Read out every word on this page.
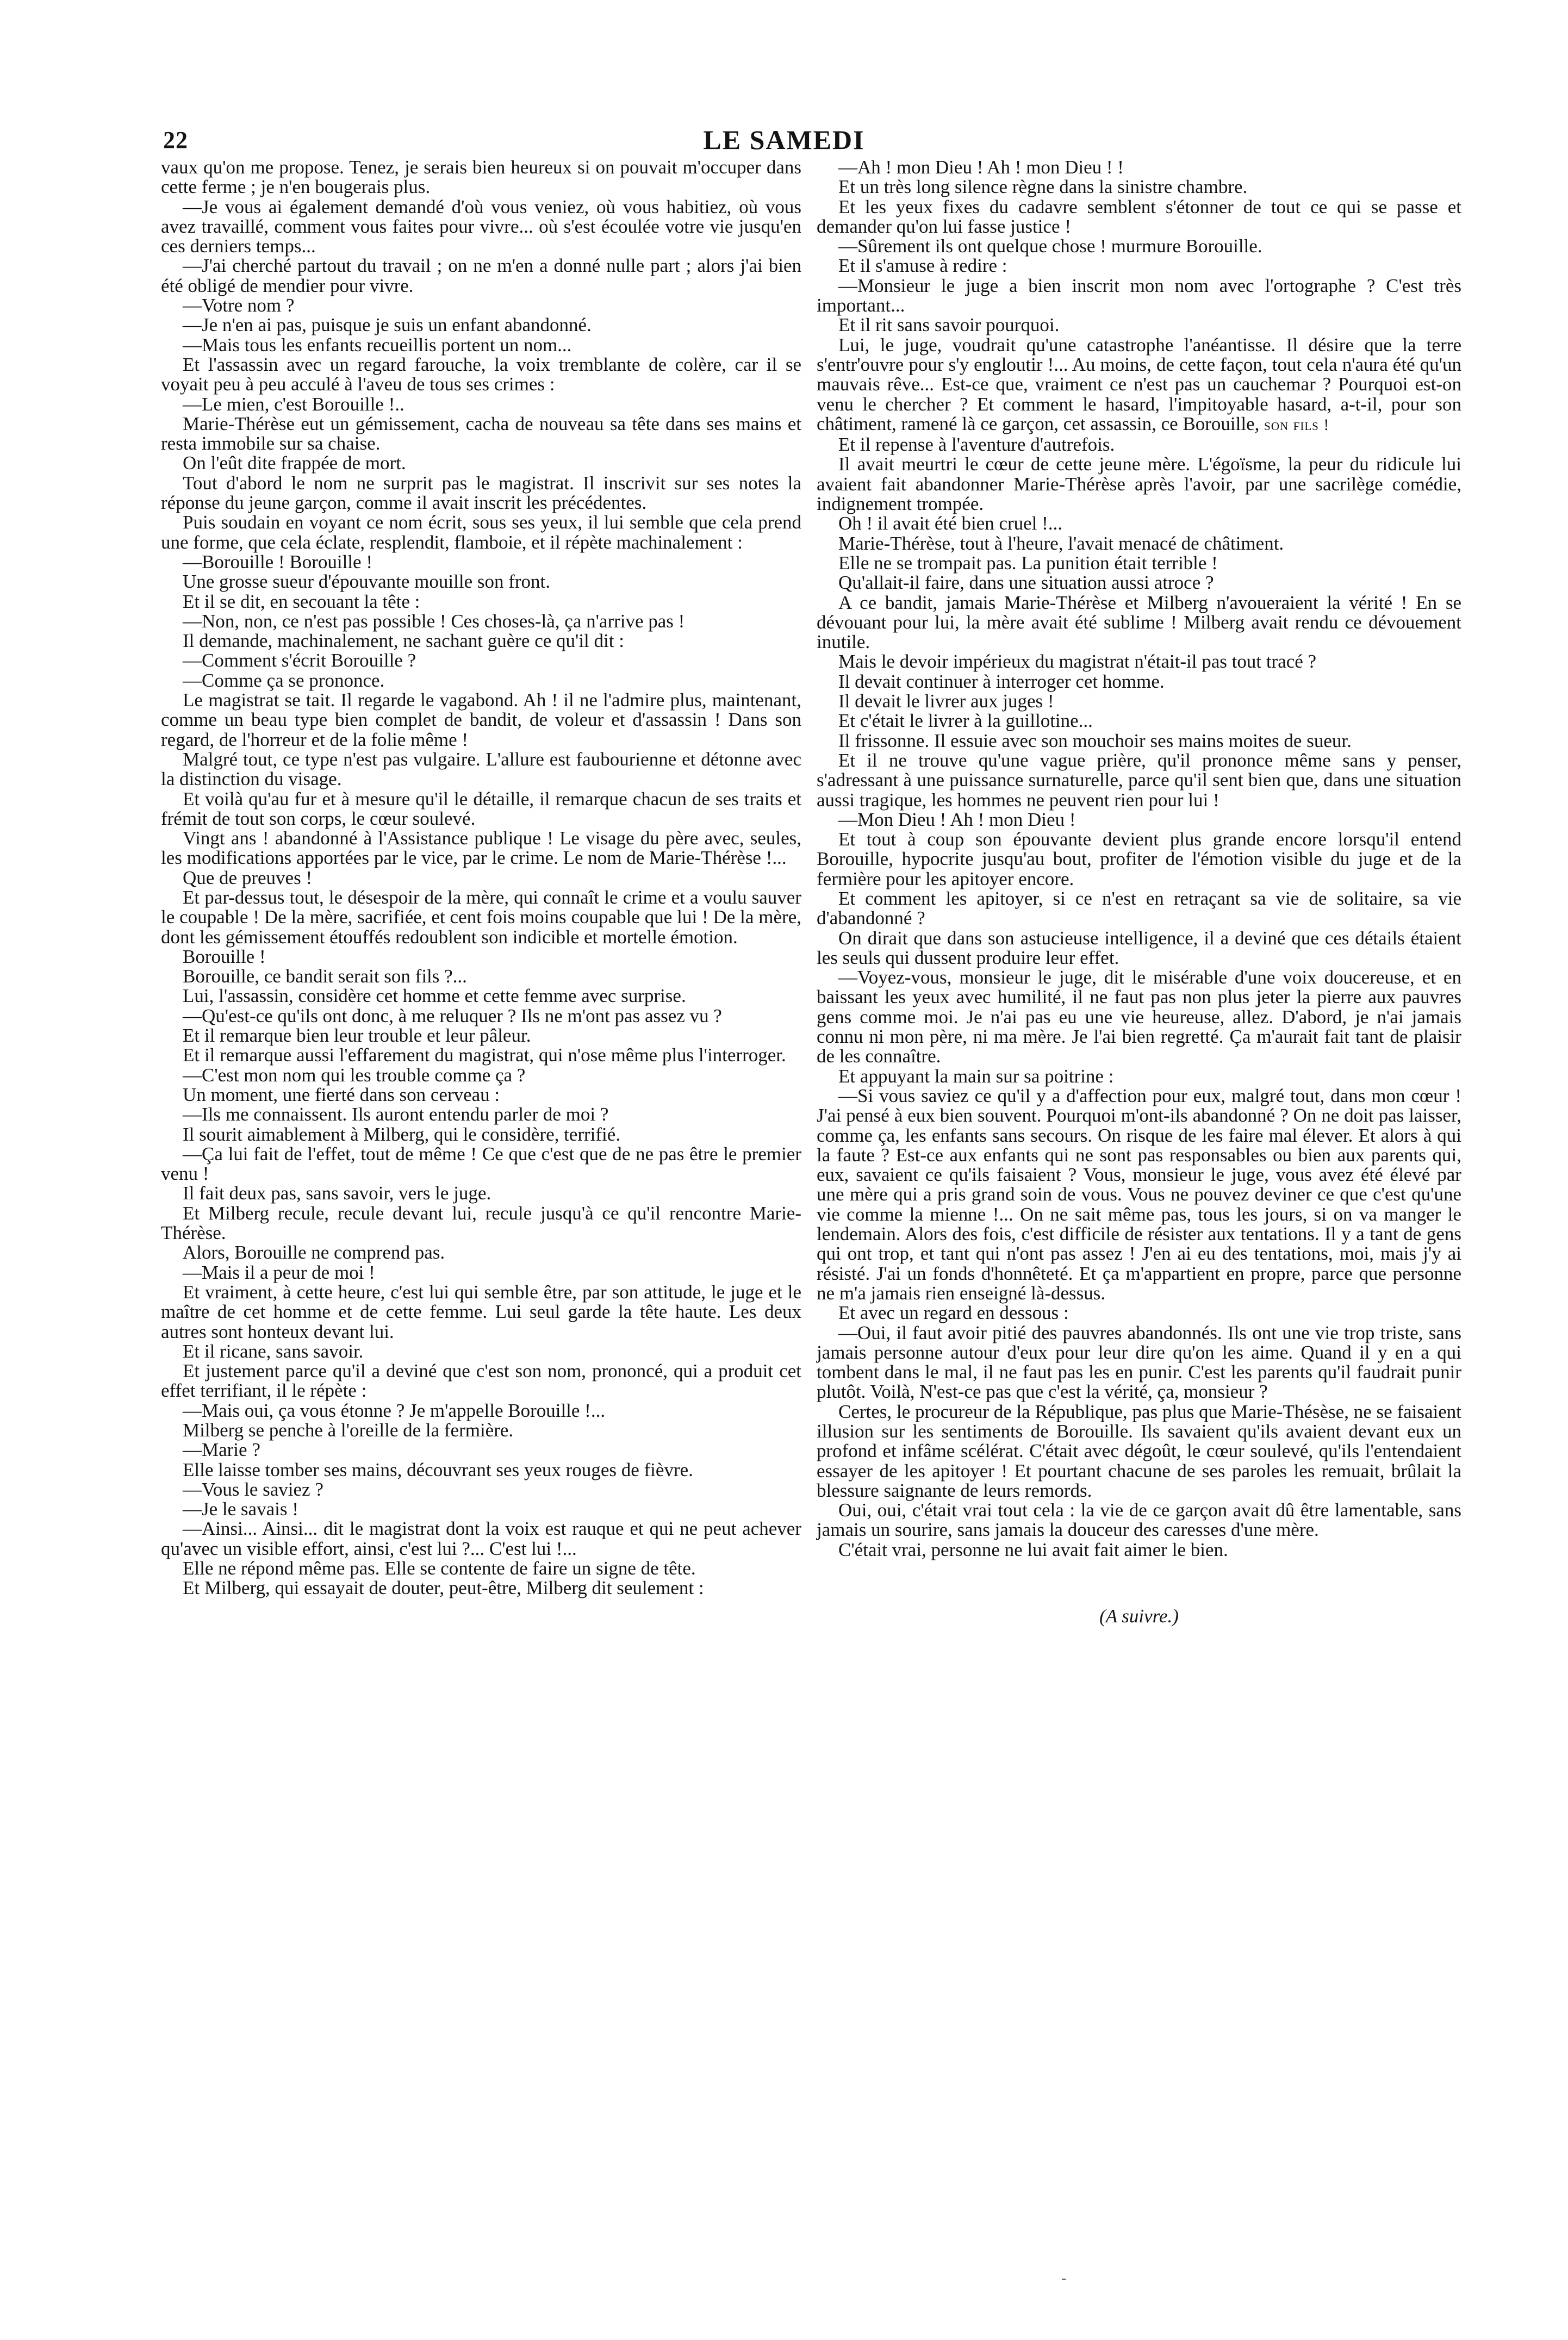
22	LE SAMEDI

vaux qu'on me propose. Tenez, je serais bien heureux si on pouvait m'occuper dans cette ferme ; je n'en bougerais plus.

—Je vous ai également demandé d'où vous veniez, où vous habitiez, où vous avez travaillé, comment vous faites pour vivre... où s'est écoulée votre vie jusqu'en ces derniers temps...

—J'ai cherché partout du travail ; on ne m'en a donné nulle part ; alors j'ai bien été obligé de mendier pour vivre.

—Votre nom ?

—Je n'en ai pas, puisque je suis un enfant abandonné.

—Mais tous les enfants recueillis portent un nom...

Et l'assassin avec un regard farouche, la voix tremblante de colère, car il se voyait peu à peu acculé à l'aveu de tous ses crimes :

—Le mien, c'est Borouille !..

Marie-Thérèse eut un gémissement, cacha de nouveau sa tête dans ses mains et resta immobile sur sa chaise.

On l'eût dite frappée de mort.

Tout d'abord le nom ne surprit pas le magistrat. Il inscrivit sur ses notes la réponse du jeune garçon, comme il avait inscrit les précédentes.

Puis soudain en voyant ce nom écrit, sous ses yeux, il lui semble que cela prend une forme, que cela éclate, resplendit, flamboie, et il répète machinalement :

—Borouille ! Borouille !

Une grosse sueur d'épouvante mouille son front.

Et il se dit, en secouant la tête :

—Non, non, ce n'est pas possible ! Ces choses-là, ça n'arrive pas !

Il demande, machinalement, ne sachant guère ce qu'il dit :

—Comment s'écrit Borouille ?

—Comme ça se prononce.

Le magistrat se tait. Il regarde le vagabond. Ah ! il ne l'admire plus, maintenant, comme un beau type bien complet de bandit, de voleur et d'assassin ! Dans son regard, de l'horreur et de la folie même !

Malgré tout, ce type n'est pas vulgaire. L'allure est faubourienne et détonne avec la distinction du visage.

Et voilà qu'au fur et à mesure qu'il le détaille, il remarque chacun de ses traits et frémit de tout son corps, le cœur soulevé.

Vingt ans ! abandonné à l'Assistance publique ! Le visage du père avec, seules, les modifications apportées par le vice, par le crime. Le nom de Marie-Thérèse !...

Que de preuves !

Et par-dessus tout, le désespoir de la mère, qui connaît le crime et a voulu sauver le coupable ! De la mère, sacrifiée, et cent fois moins coupable que lui ! De la mère, dont les gémissement étouffés redoublent son indicible et mortelle émotion.

Borouille !

Borouille, ce bandit serait son fils ?...

Lui, l'assassin, considère cet homme et cette femme avec surprise.

—Qu'est-ce qu'ils ont donc, à me reluquer ? Ils ne m'ont pas assez vu ?

Et il remarque bien leur trouble et leur pâleur.

Et il remarque aussi l'effarement du magistrat, qui n'ose même plus l'interroger.

—C'est mon nom qui les trouble comme ça ?

Un moment, une fierté dans son cerveau :

—Ils me connaissent. Ils auront entendu parler de moi ?

Il sourit aimablement à Milberg, qui le considère, terrifié.

—Ça lui fait de l'effet, tout de même ! Ce que c'est que de ne pas être le premier venu !

Il fait deux pas, sans savoir, vers le juge.

Et Milberg recule, recule devant lui, recule jusqu'à ce qu'il rencontre Marie-Thérèse.

Alors, Borouille ne comprend pas.

—Mais il a peur de moi !

Et vraiment, à cette heure, c'est lui qui semble être, par son attitude, le juge et le maître de cet homme et de cette femme. Lui seul garde la tête haute. Les deux autres sont honteux devant lui.

Et il ricane, sans savoir.

Et justement parce qu'il a deviné que c'est son nom, prononcé, qui a produit cet effet terrifiant, il le répète :

—Mais oui, ça vous étonne ? Je m'appelle Borouille !...

Milberg se penche à l'oreille de la fermière.

—Marie ?

Elle laisse tomber ses mains, découvrant ses yeux rouges de fièvre.

—Vous le saviez ?

—Je le savais !

—Ainsi... Ainsi... dit le magistrat dont la voix est rauque et qui ne peut achever qu'avec un visible effort, ainsi, c'est lui ?... C'est lui !...

Elle ne répond même pas. Elle se contente de faire un signe de tête.

Et Milberg, qui essayait de douter, peut-être, Milberg dit seulement :

—Ah ! mon Dieu ! Ah ! mon Dieu ! !

Et un très long silence règne dans la sinistre chambre.

Et les yeux fixes du cadavre semblent s'étonner de tout ce qui se passe et demander qu'on lui fasse justice !

—Sûrement ils ont quelque chose ! murmure Borouille.

Et il s'amuse à redire :

—Monsieur le juge a bien inscrit mon nom avec l'ortographe ? C'est très important...

Et il rit sans savoir pourquoi.

Lui, le juge, voudrait qu'une catastrophe l'anéantisse. Il désire que la terre s'entr'ouvre pour s'y engloutir !... Au moins, de cette façon, tout cela n'aura été qu'un mauvais rêve... Est-ce que, vraiment ce n'est pas un cauchemar ? Pourquoi est-on venu le chercher ? Et comment le hasard, l'impitoyable hasard, a-t-il, pour son châtiment, ramené là ce garçon, cet assassin, ce Borouille, son fils !

Et il repense à l'aventure d'autrefois.

Il avait meurtri le cœur de cette jeune mère. L'égoïsme, la peur du ridicule lui avaient fait abandonner Marie-Thérèse après l'avoir, par une sacrilège comédie, indignement trompée.

Oh ! il avait été bien cruel !...

Marie-Thérèse, tout à l'heure, l'avait menacé de châtiment.

Elle ne se trompait pas. La punition était terrible !

Qu'allait-il faire, dans une situation aussi atroce ?

A ce bandit, jamais Marie-Thérèse et Milberg n'avoueraient la vérité ! En se dévouant pour lui, la mère avait été sublime ! Milberg avait rendu ce dévouement inutile.

Mais le devoir impérieux du magistrat n'était-il pas tout tracé ?

Il devait continuer à interroger cet homme.

Il devait le livrer aux juges !

Et c'était le livrer à la guillotine...

Il frissonne. Il essuie avec son mouchoir ses mains moites de sueur.

Et il ne trouve qu'une vague prière, qu'il prononce même sans y penser, s'adressant à une puissance surnaturelle, parce qu'il sent bien que, dans une situation aussi tragique, les hommes ne peuvent rien pour lui !

—Mon Dieu ! Ah ! mon Dieu !

Et tout à coup son épouvante devient plus grande encore lorsqu'il entend Borouille, hypocrite jusqu'au bout, profiter de l'émotion visible du juge et de la fermière pour les apitoyer encore.

Et comment les apitoyer, si ce n'est en retraçant sa vie de solitaire, sa vie d'abandonné ?

On dirait que dans son astucieuse intelligence, il a deviné que ces détails étaient les seuls qui dussent produire leur effet.

—Voyez-vous, monsieur le juge, dit le misérable d'une voix doucereuse, et en baissant les yeux avec humilité, il ne faut pas non plus jeter la pierre aux pauvres gens comme moi. Je n'ai pas eu une vie heureuse, allez. D'abord, je n'ai jamais connu ni mon père, ni ma mère. Je l'ai bien regretté. Ça m'aurait fait tant de plaisir de les connaître.

Et appuyant la main sur sa poitrine :

—Si vous saviez ce qu'il y a d'affection pour eux, malgré tout, dans mon cœur ! J'ai pensé à eux bien souvent. Pourquoi m'ont-ils abandonné ? On ne doit pas laisser, comme ça, les enfants sans secours. On risque de les faire mal élever. Et alors à qui la faute ? Est-ce aux enfants qui ne sont pas responsables ou bien aux parents qui, eux, savaient ce qu'ils faisaient ? Vous, monsieur le juge, vous avez été élevé par une mère qui a pris grand soin de vous. Vous ne pouvez deviner ce que c'est qu'une vie comme la mienne !... On ne sait même pas, tous les jours, si on va manger le lendemain. Alors des fois, c'est difficile de résister aux tentations. Il y a tant de gens qui ont trop, et tant qui n'ont pas assez ! J'en ai eu des tentations, moi, mais j'y ai résisté. J'ai un fonds d'honnêteté. Et ça m'appartient en propre, parce que personne ne m'a jamais rien enseigné là-dessus.

Et avec un regard en dessous :

—Oui, il faut avoir pitié des pauvres abandonnés. Ils ont une vie trop triste, sans jamais personne autour d'eux pour leur dire qu'on les aime. Quand il y en a qui tombent dans le mal, il ne faut pas les en punir. C'est les parents qu'il faudrait punir plutôt. Voilà, N'est-ce pas que c'est la vérité, ça, monsieur ?

Certes, le procureur de la République, pas plus que Marie-Thésèse, ne se faisaient illusion sur les sentiments de Borouille. Ils savaient qu'ils avaient devant eux un profond et infâme scélérat. C'était avec dégoût, le cœur soulevé, qu'ils l'entendaient essayer de les apitoyer ! Et pourtant chacune de ses paroles les remuait, brûlait la blessure saignante de leurs remords.

Oui, oui, c'était vrai tout cela : la vie de ce garçon avait dû être lamentable, sans jamais un sourire, sans jamais la douceur des caresses d'une mère.

C'était vrai, personne ne lui avait fait aimer le bien.

(A suivre.)

-
